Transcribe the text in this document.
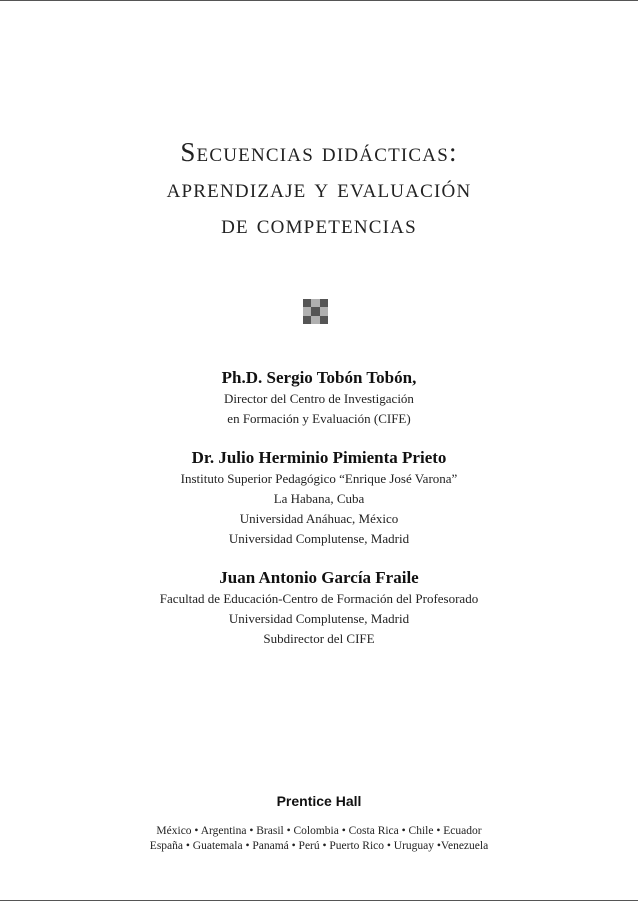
Secuencias didácticas:
aprendizaje y evaluación
de competencias
Ph.D. Sergio Tobón Tobón,
Director del Centro de Investigación
en Formación y Evaluación (CIFE)
Dr. Julio Herminio Pimienta Prieto
Instituto Superior Pedagógico “Enrique José Varona”
La Habana, Cuba
Universidad Anáhuac, México
Universidad Complutense, Madrid
Juan Antonio García Fraile
Facultad de Educación-Centro de Formación del Profesorado
Universidad Complutense, Madrid
Subdirector del CIFE
Prentice Hall
México • Argentina • Brasil • Colombia • Costa Rica • Chile • Ecuador
España • Guatemala • Panamá • Perú • Puerto Rico • Uruguay •Venezuela
